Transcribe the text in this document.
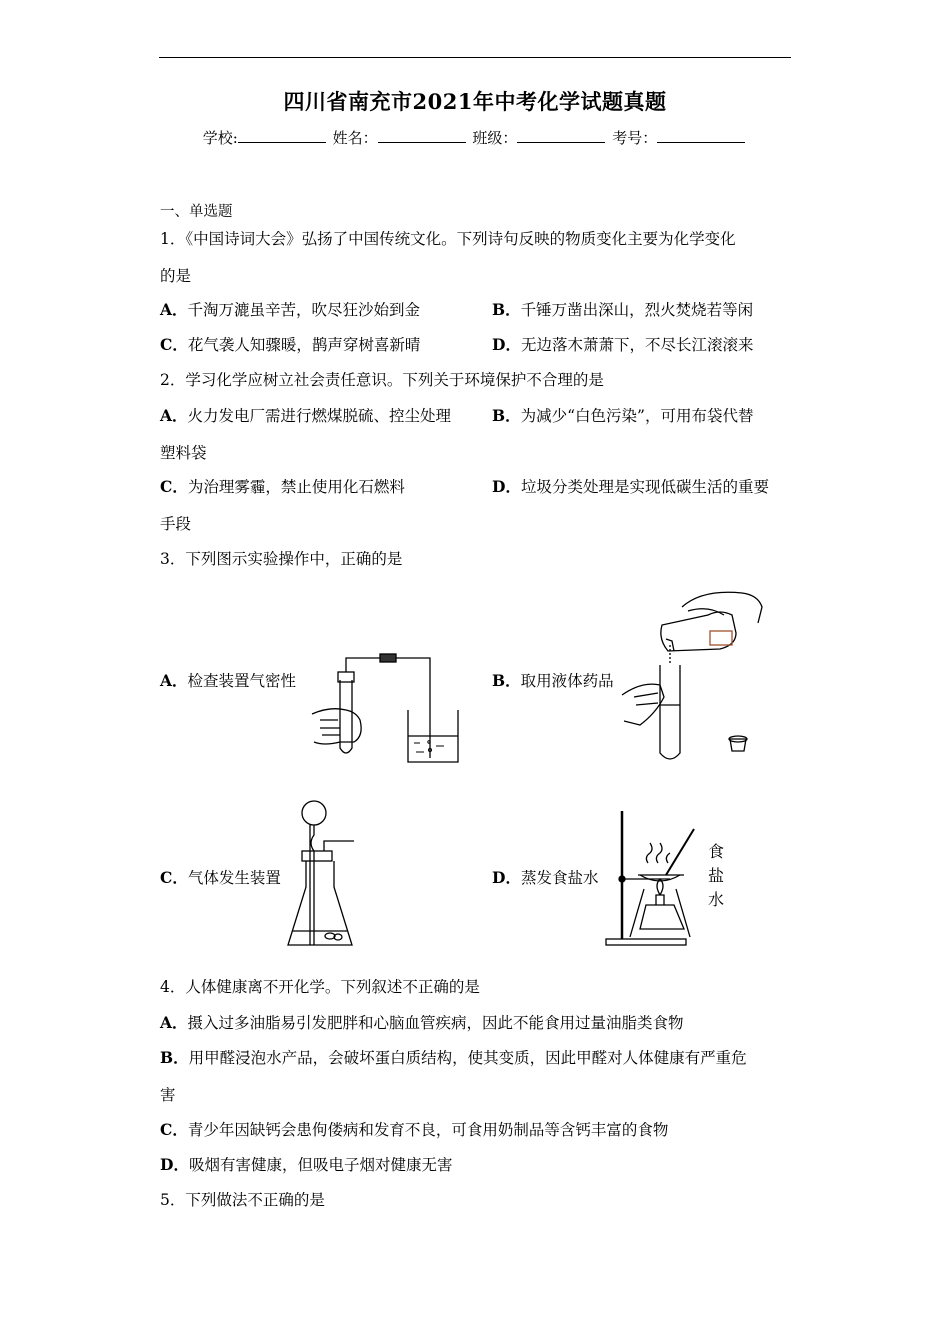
四川省南充市2021年中考化学试题真题
学校:	姓名：	班级：	考号：
一、单选题
1．《中国诗词大会》弘扬了中国传统文化。下列诗句反映的物质变化主要为化学变化
的是
A．千淘万漉虽辛苦，吹尽狂沙始到金	B．千锤万凿出深山，烈火焚烧若等闲
C．花气袭人知骤暖，鹊声穿树喜新晴	D．无边落木萧萧下，不尽长江滚滚来
2．学习化学应树立社会责任意识。下列关于环境保护不合理的是
A．火力发电厂需进行燃煤脱硫、控尘处理	B．为减少“白色污染”，可用布袋代替
塑料袋
C．为治理雾霾，禁止使用化石燃料	D．垃圾分类处理是实现低碳生活的重要
手段
3．下列图示实验操作中，正确的是
A．检查装置气密性	B．取用液体药品
C．气体发生装置	D．蒸发食盐水
食
盐
水
4．人体健康离不开化学。下列叙述不正确的是
A．摄入过多油脂易引发肥胖和心脑血管疾病，因此不能食用过量油脂类食物
B．用甲醛浸泡水产品，会破坏蛋白质结构，使其变质，因此甲醛对人体健康有严重危
害
C．青少年因缺钙会患佝偻病和发育不良，可食用奶制品等含钙丰富的食物
D．吸烟有害健康，但吸电子烟对健康无害
5．下列做法不正确的是
